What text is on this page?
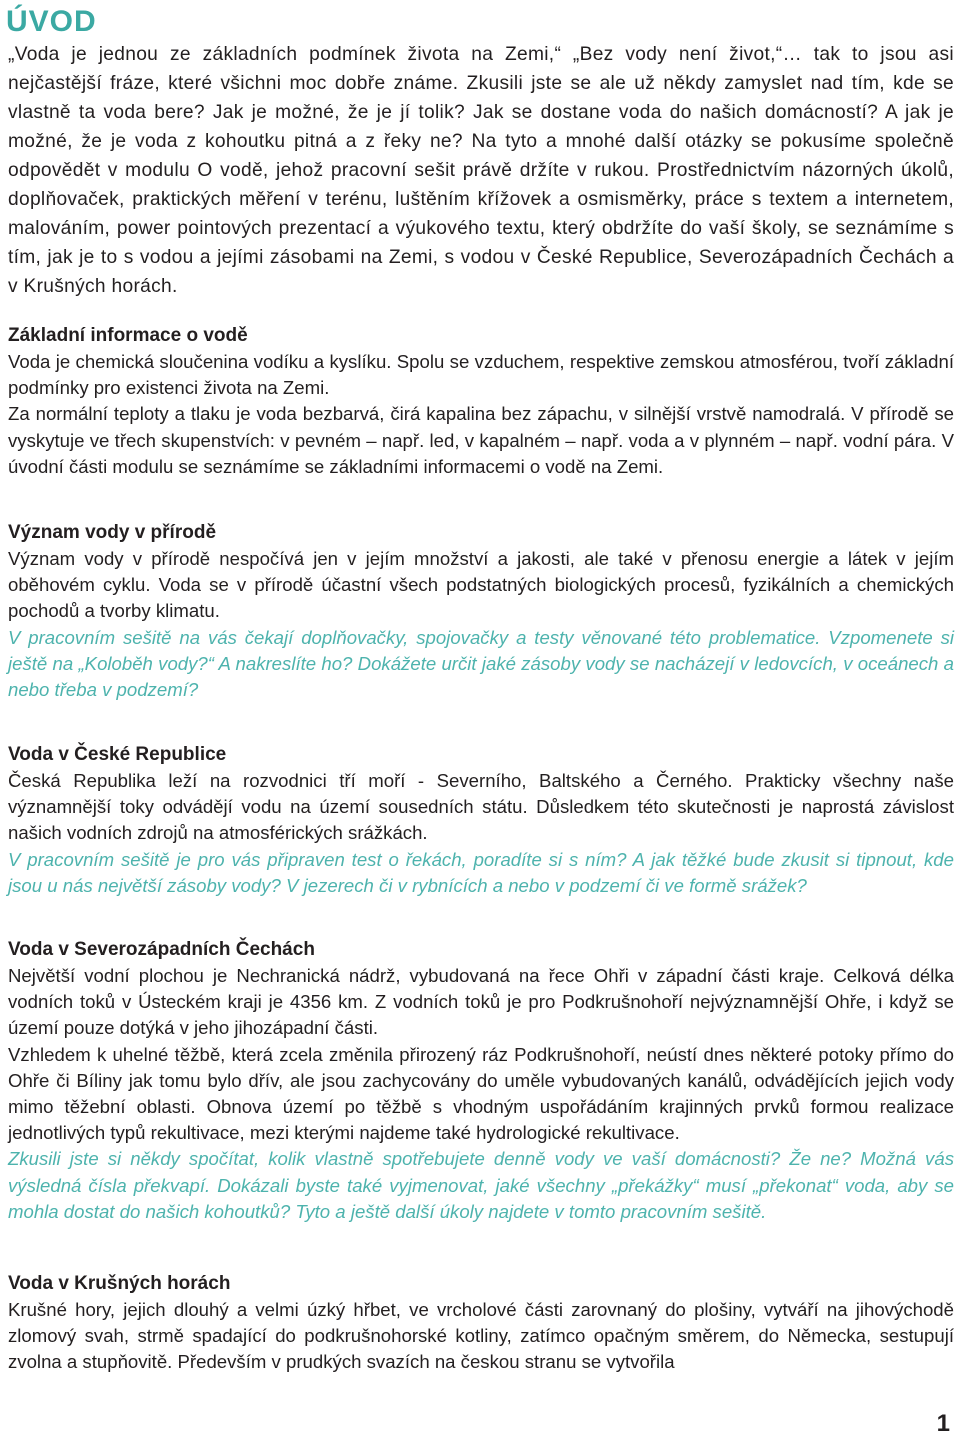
ÚVOD

„Voda je jednou ze základních podmínek života na Zemi,“ „Bez vody není život,“… tak to jsou asi nejčastější fráze, které všichni moc dobře známe. Zkusili jste se ale už někdy zamyslet nad tím, kde se vlastně ta voda bere? Jak je možné, že je jí tolik? Jak se dostane voda do našich domácností? A jak je možné, že je voda z kohoutku pitná a z řeky ne? Na tyto a mnohé další otázky se pokusíme společně odpovědět v modulu O vodě, jehož pracovní sešit právě držíte v rukou. Prostřednictvím názorných úkolů, doplňovaček, praktických měření v terénu, luštěním křížovek a osmisměrky, práce s textem a internetem, malováním, power pointových prezentací a výukového textu, který obdržíte do vaší školy, se seznámíme s tím, jak je to s vodou a jejími zásobami na Zemi, s vodou v České Republice, Severozápadních Čechách a v Krušných horách.

Základní informace o vodě

Voda je chemická sloučenina vodíku a kyslíku. Spolu se vzduchem, respektive zemskou atmosférou, tvoří základní podmínky pro existenci života na Zemi.

Za normální teploty a tlaku je voda bezbarvá, čirá kapalina bez zápachu, v silnější vrstvě namodralá. V přírodě se vyskytuje ve třech skupenstvích: v pevném – např. led, v kapalném – např. voda a v plynném – např. vodní pára. V úvodní části modulu se seznámíme se základními informacemi o vodě na Zemi.

Význam vody v přírodě

Význam vody v přírodě nespočívá jen v jejím množství a jakosti, ale také v přenosu energie a látek v jejím oběhovém cyklu. Voda se v přírodě účastní všech podstatných biologických procesů, fyzikálních a chemických pochodů a tvorby klimatu.

V pracovním sešitě na vás čekají doplňovačky, spojovačky a testy věnované této problematice. Vzpomenete si ještě na „Koloběh vody?“ A nakreslíte ho? Dokážete určit jaké zásoby vody se nacházejí v ledovcích, v oceánech a nebo třeba v podzemí?

Voda v České Republice

Česká Republika leží na rozvodnici tří moří - Severního, Baltského a Černého. Prakticky všechny naše významnější toky odvádějí vodu na území sousedních státu. Důsledkem této skutečnosti je naprostá závislost našich vodních zdrojů na atmosférických srážkách.

V pracovním sešitě je pro vás připraven test o řekách, poradíte si s ním? A jak těžké bude zkusit si tipnout, kde jsou u nás největší zásoby vody? V jezerech či v rybnících a nebo v podzemí či ve formě srážek?

Voda v Severozápadních Čechách

Největší vodní plochou je Nechranická nádrž, vybudovaná na řece Ohři v západní části kraje. Celková délka vodních toků v Ústeckém kraji je 4356 km. Z vodních toků je pro Podkrušnohoří nejvýznamnější Ohře, i když se území pouze dotýká v jeho jihozápadní části.

Vzhledem k uhelné těžbě, která zcela změnila přirozený ráz Podkrušnohoří, neústí dnes některé potoky přímo do Ohře či Bíliny jak tomu bylo dřív, ale jsou zachycovány do uměle vybudovaných kanálů, odvádějících jejich vody mimo těžební oblasti. Obnova území po těžbě s vhodným uspořádáním krajinných prvků formou realizace jednotlivých typů rekultivace, mezi kterými najdeme také hydrologické rekultivace.

Zkusili jste si někdy spočítat, kolik vlastně spotřebujete denně vody ve vaší domácnosti? Že ne? Možná vás výsledná čísla překvapí. Dokázali byste také vyjmenovat, jaké všechny „překážky“ musí „překonat“ voda, aby se mohla dostat do našich kohoutků? Tyto a ještě další úkoly najdete v tomto pracovním sešitě.

Voda v Krušných horách

Krušné hory, jejich dlouhý a velmi úzký hřbet, ve vrcholové části zarovnaný do plošiny, vytváří na jihovýchodě zlomový svah, strmě spadající do podkrušnohorské kotliny, zatímco opačným směrem, do Německa, sestupují zvolna a stupňovitě. Především v prudkých svazích na českou stranu se vytvořila

1
